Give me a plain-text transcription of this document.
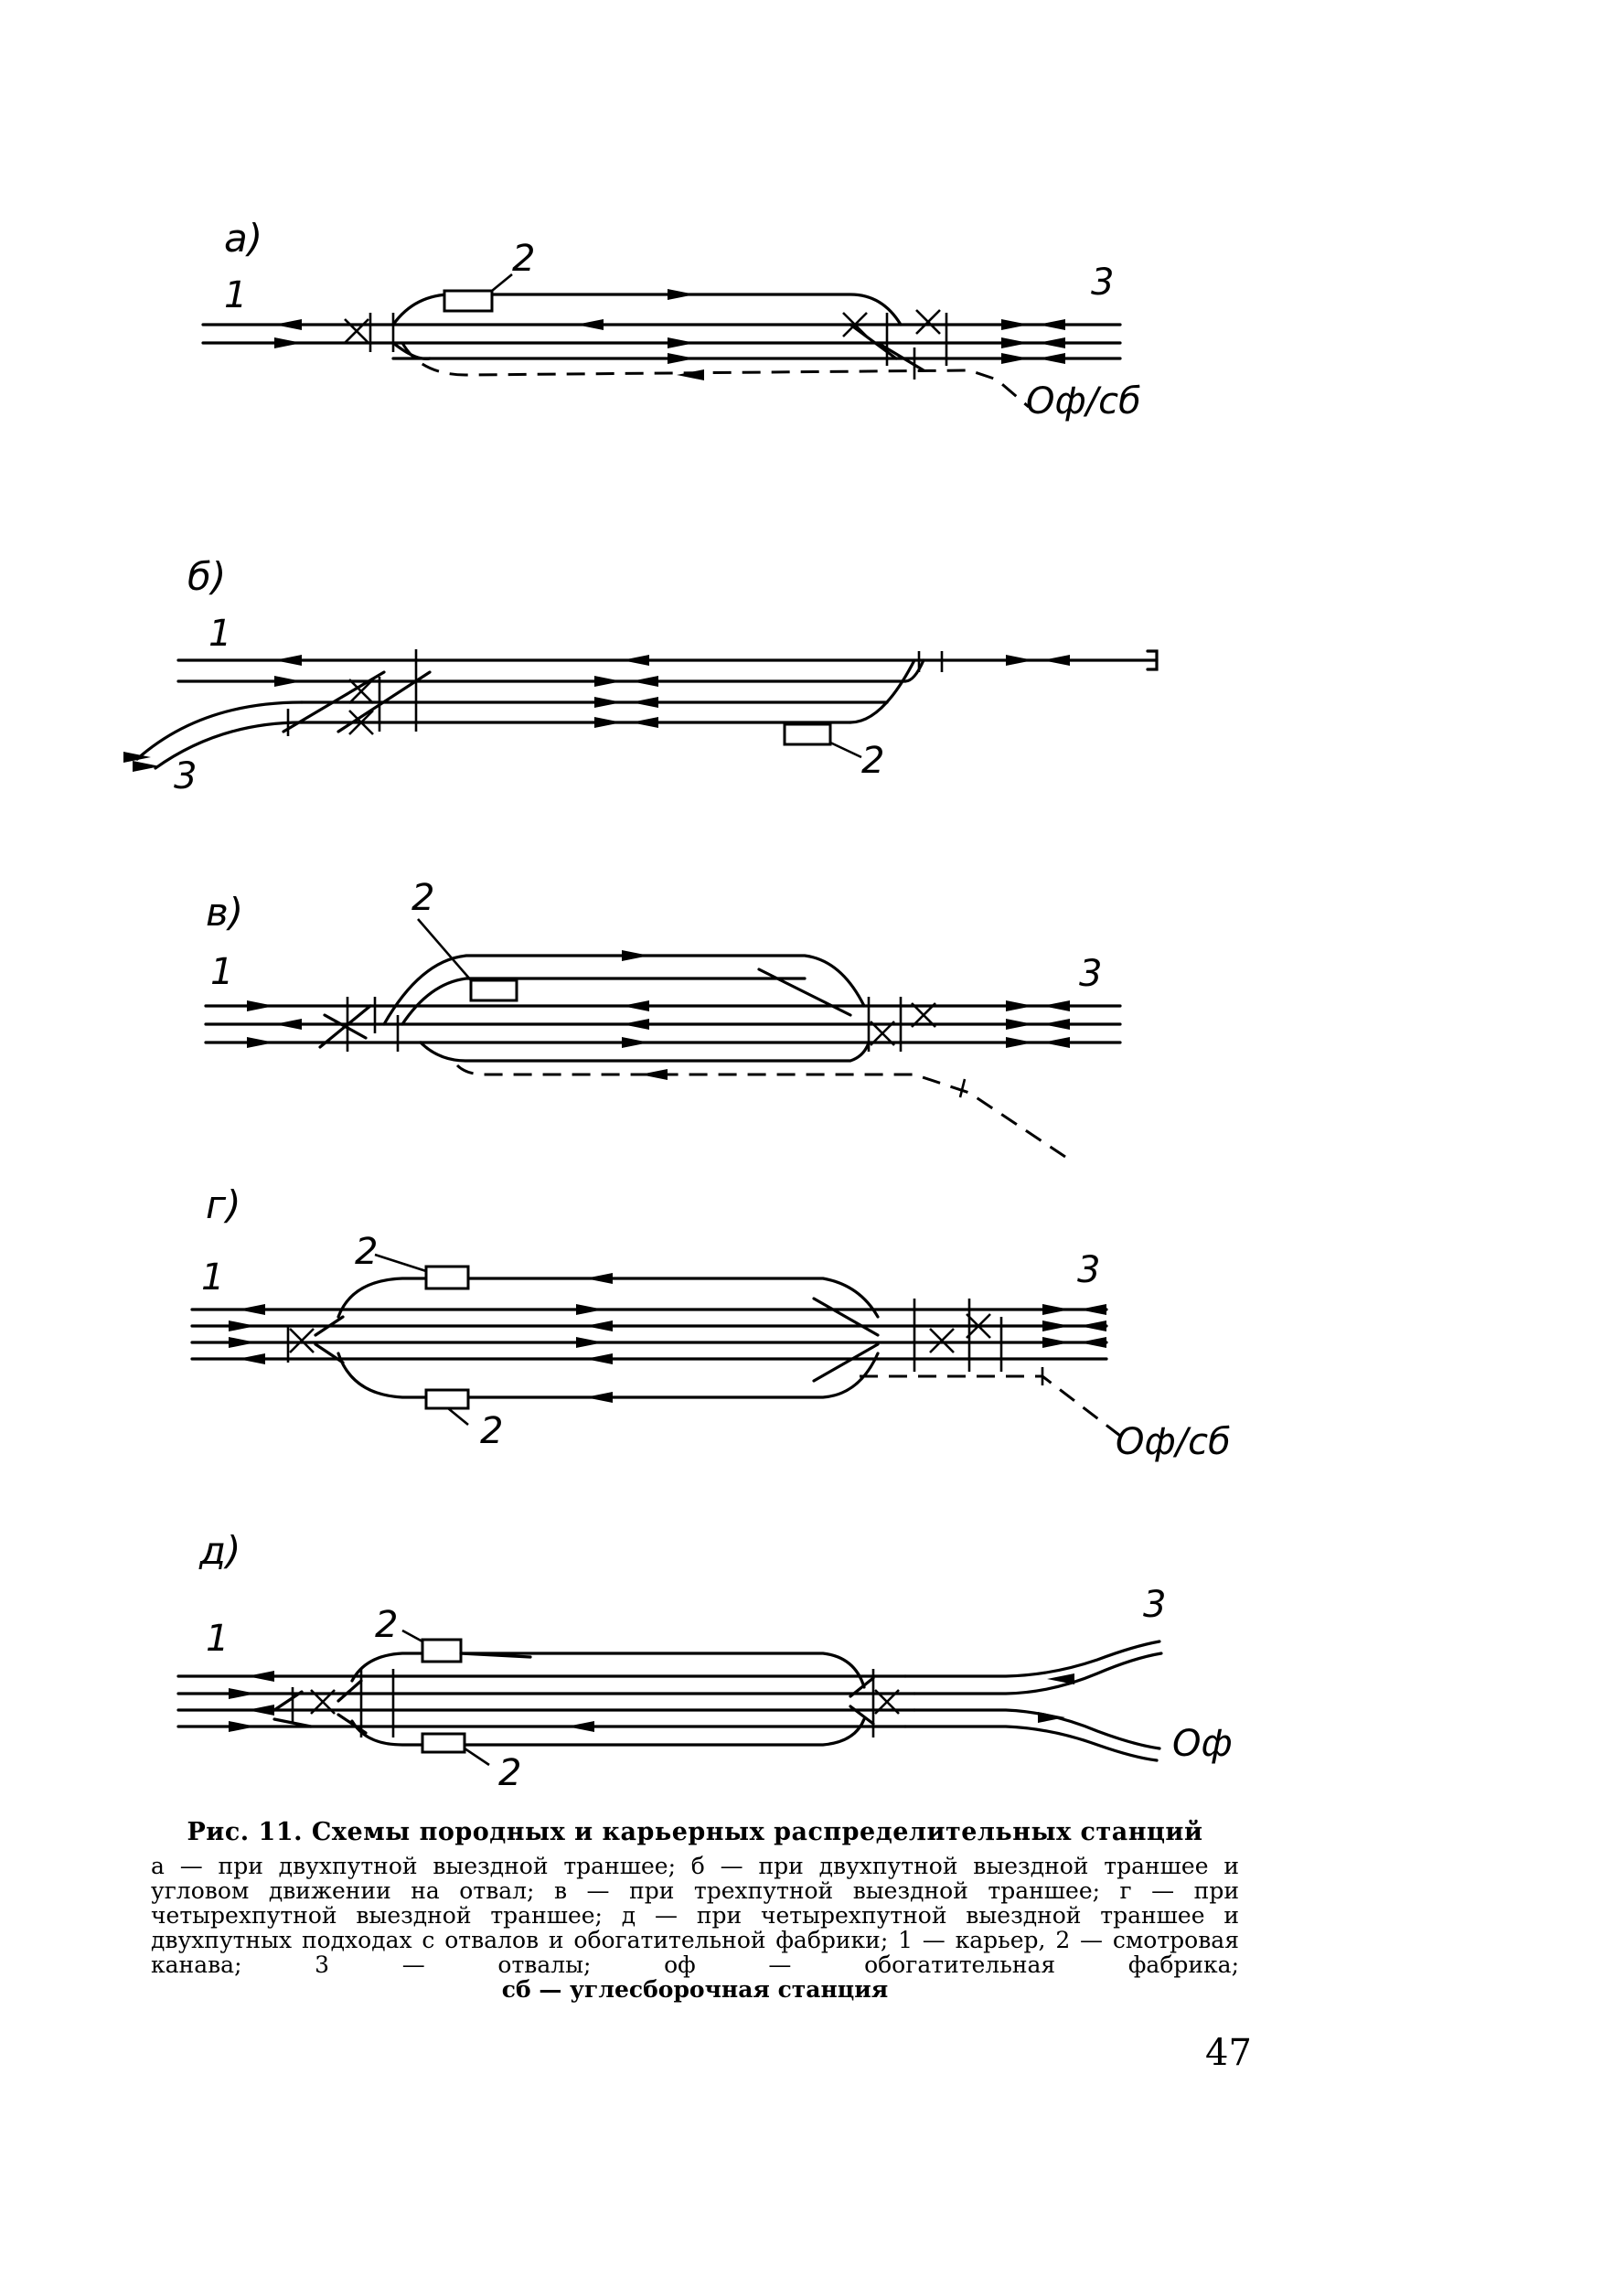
а)
1	3
2
Оф/сб
б)
1
3	2
в)
1	3
2
г)
1	3
2
2	Оф/сб
д)
1
3
2
2
Оф
Рис. 11. Схемы породных и карьерных распределительных станций
а — при двухпутной выездной траншее; б — при двухпутной выездной траншее и угловом движении на отвал; в — при трехпутной выездной траншее; г — при четырехпутной выездной траншее; д — при четырехпутной выездной траншее и двухпутных подходах с отвалов и обогатительной фабрики; 1 — карьер, 2 — смотровая канава; 3 — отвалы; оф — обогатительная фабрика;
сб — углесборочная станция
47
